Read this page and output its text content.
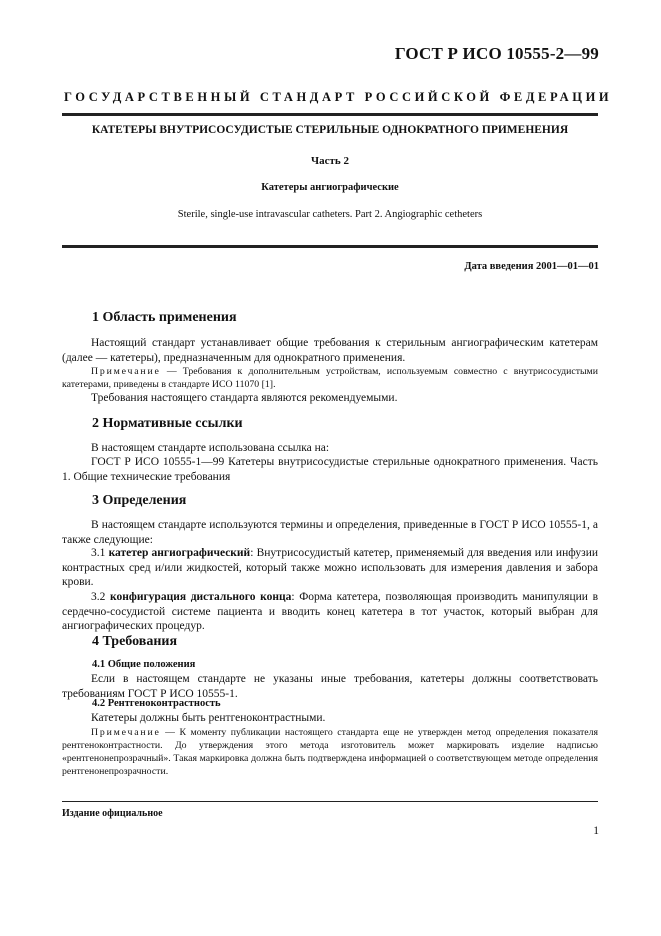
ГОСТ Р ИСО 10555-2—99
ГОСУДАРСТВЕННЫЙ СТАНДАРТ РОССИЙСКОЙ ФЕДЕРАЦИИ
КАТЕТЕРЫ ВНУТРИСОСУДИСТЫЕ СТЕРИЛЬНЫЕ ОДНОКРАТНОГО ПРИМЕНЕНИЯ
Часть 2
Катетеры ангиографические
Sterile, single-use intravascular catheters. Part 2. Angiographic cetheters
Дата введения 2001—01—01
1 Область применения
Настоящий стандарт устанавливает общие требования к стерильным ангиографическим катетерам (далее — катетеры), предназначенным для однократного применения.
Примечание — Требования к дополнительным устройствам, используемым совместно с внутрисосудистыми катетерами, приведены в стандарте ИСО 11070 [1].
Требования настоящего стандарта являются рекомендуемыми.
2 Нормативные ссылки
В настоящем стандарте использована ссылка на:
ГОСТ Р ИСО 10555-1—99 Катетеры внутрисосудистые стерильные однократного применения. Часть 1. Общие технические требования
3 Определения
В настоящем стандарте используются термины и определения, приведенные в ГОСТ Р ИСО 10555-1, а также следующие:
3.1 катетер ангиографический: Внутрисосудистый катетер, применяемый для введения или инфузии контрастных сред и/или жидкостей, который также можно использовать для измерения давления и забора крови.
3.2 конфигурация дистального конца: Форма катетера, позволяющая производить манипуляции в сердечно-сосудистой системе пациента и вводить конец катетера в тот участок, который выбран для ангиографических процедур.
4 Требования
4.1 Общие положения
Если в настоящем стандарте не указаны иные требования, катетеры должны соответствовать требованиям ГОСТ Р ИСО 10555-1.
4.2 Рентгеноконтрастность
Катетеры должны быть рентгеноконтрастными.
Примечание — К моменту публикации настоящего стандарта еще не утвержден метод определения показателя рентгеноконтрастности. До утверждения этого метода изготовитель может маркировать изделие надписью «рентгенонепрозрачный». Такая маркировка должна быть подтверждена информацией о соответствующем методе определения рентгенонепрозрачности.
Издание официальное
1
